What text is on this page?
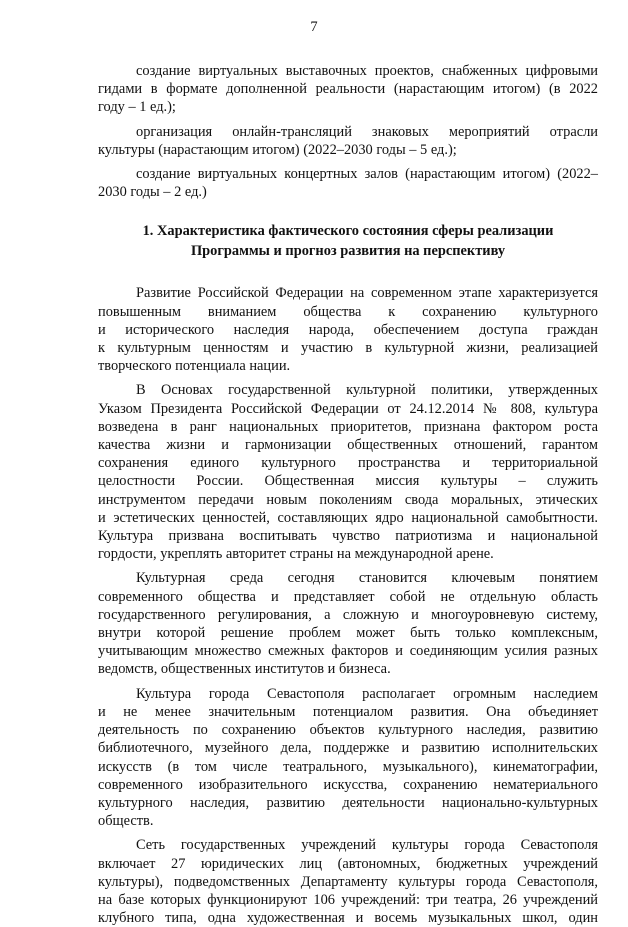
7
создание виртуальных выставочных проектов, снабженных цифровыми
гидами в формате дополненной реальности (нарастающим итогом) (в 2022
году – 1 ед.);
организация онлайн-трансляций знаковых мероприятий отрасли
культуры (нарастающим итогом) (2022–2030 годы – 5 ед.);
создание виртуальных концертных залов (нарастающим итогом) (2022–
2030 годы – 2 ед.)
1. Характеристика фактического состояния сферы реализации
Программы и прогноз развития на перспективу
Развитие Российской Федерации на современном этапе характеризуется
повышенным вниманием общества к сохранению культурного
и исторического наследия народа, обеспечением доступа граждан
к культурным ценностям и участию в культурной жизни, реализацией
творческого потенциала нации.
В Основах государственной культурной политики, утвержденных
Указом Президента Российской Федерации от 24.12.2014 № 808, культура
возведена в ранг национальных приоритетов, признана фактором роста
качества жизни и гармонизации общественных отношений, гарантом
сохранения единого культурного пространства и территориальной
целостности России. Общественная миссия культуры – служить
инструментом передачи новым поколениям свода моральных, этических
и эстетических ценностей, составляющих ядро национальной самобытности.
Культура призвана воспитывать чувство патриотизма и национальной
гордости, укреплять авторитет страны на международной арене.
Культурная среда сегодня становится ключевым понятием
современного общества и представляет собой не отдельную область
государственного регулирования, а сложную и многоуровневую систему,
внутри которой решение проблем может быть только комплексным,
учитывающим множество смежных факторов и соединяющим усилия разных
ведомств, общественных институтов и бизнеса.
Культура города Севастополя располагает огромным наследием
и не менее значительным потенциалом развития. Она объединяет
деятельность по сохранению объектов культурного наследия, развитию
библиотечного, музейного дела, поддержке и развитию исполнительских
искусств (в том числе театрального, музыкального), кинематографии,
современного изобразительного искусства, сохранению нематериального
культурного наследия, развитию деятельности национально-культурных
обществ.
Сеть государственных учреждений культуры города Севастополя
включает 27 юридических лиц (автономных, бюджетных учреждений
культуры), подведомственных Департаменту культуры города Севастополя,
на базе которых функционируют 106 учреждений: три театра, 26 учреждений
клубного типа, одна художественная и восемь музыкальных школ, один
